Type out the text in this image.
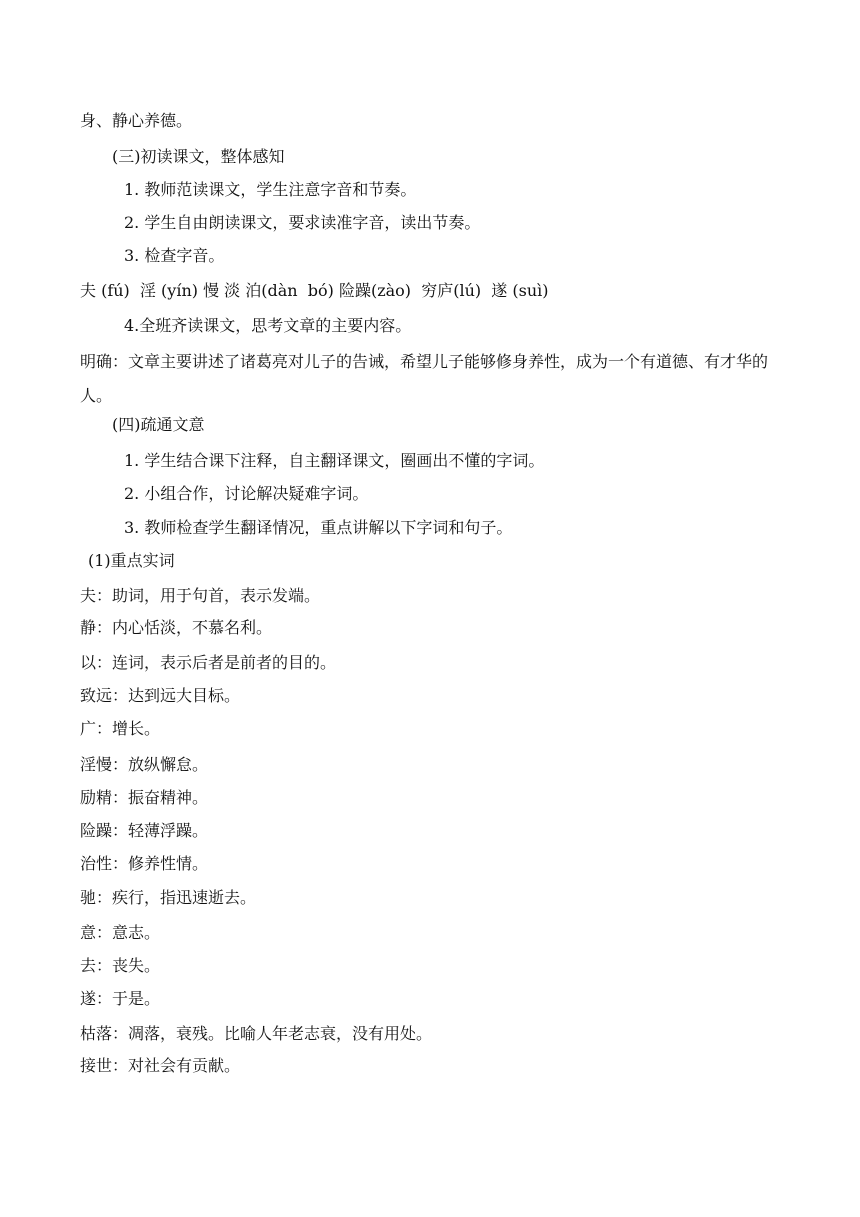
身、静心养德。
(三)初读课文，整体感知
1. 教师范读课文，学生注意字音和节奏。
2. 学生自由朗读课文，要求读准字音，读出节奏。
3. 检查字音。
夫 (fú)  淫 (yín) 慢 淡 泊(dàn  bó) 险躁(zào)  穷庐(lú)  遂 (suì)
4.全班齐读课文，思考文章的主要内容。
明确：文章主要讲述了诸葛亮对儿子的告诫，希望儿子能够修身养性，成为一个有道德、有才华的人。
(四)疏通文意
1. 学生结合课下注释，自主翻译课文，圈画出不懂的字词。
2. 小组合作，讨论解决疑难字词。
3. 教师检查学生翻译情况，重点讲解以下字词和句子。
(1)重点实词
夫：助词，用于句首，表示发端。
静：内心恬淡，不慕名利。
以：连词，表示后者是前者的目的。
致远：达到远大目标。
广：增长。
淫慢：放纵懈怠。
励精：振奋精神。
险躁：轻薄浮躁。
治性：修养性情。
驰：疾行，指迅速逝去。
意：意志。
去：丧失。
遂：于是。
枯落：凋落，衰残。比喻人年老志衰，没有用处。
接世：对社会有贡献。
